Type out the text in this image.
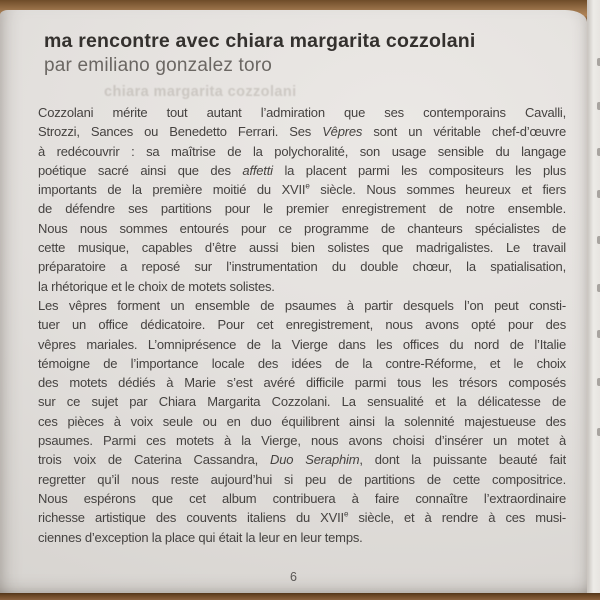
ma rencontre avec chiara margarita cozzolani
par emiliano gonzalez toro
chiara margarita cozzolani
Cozzolani mérite tout autant l’admiration que ses contemporains Cavalli,
Strozzi, Sances ou Benedetto Ferrari. Ses Vêpres sont un véritable chef-d’œuvre
à redécouvrir : sa maîtrise de la polychoralité, son usage sensible du langage
poétique sacré ainsi que des affetti la placent parmi les compositeurs les plus
importants de la première moitié du XVIIe siècle. Nous sommes heureux et fiers
de défendre ses partitions pour le premier enregistrement de notre ensemble.
Nous nous sommes entourés pour ce programme de chanteurs spécialistes de
cette musique, capables d’être aussi bien solistes que madrigalistes. Le travail
préparatoire a reposé sur l’instrumentation du double chœur, la spatialisation,
la rhétorique et le choix de motets solistes.
Les vêpres forment un ensemble de psaumes à partir desquels l’on peut consti-
tuer un office dédicatoire. Pour cet enregistrement, nous avons opté pour des
vêpres mariales. L’omniprésence de la Vierge dans les offices du nord de l’Italie
témoigne de l’importance locale des idées de la contre-Réforme, et le choix
des motets dédiés à Marie s’est avéré difficile parmi tous les trésors composés
sur ce sujet par Chiara Margarita Cozzolani. La sensualité et la délicatesse de
ces pièces à voix seule ou en duo équilibrent ainsi la solennité majestueuse des
psaumes. Parmi ces motets à la Vierge, nous avons choisi d’insérer un motet à
trois voix de Caterina Cassandra, Duo Seraphim, dont la puissante beauté fait
regretter qu’il nous reste aujourd’hui si peu de partitions de cette compositrice.
Nous espérons que cet album contribuera à faire connaître l’extraordinaire
richesse artistique des couvents italiens du XVIIe siècle, et à rendre à ces musi-
ciennes d’exception la place qui était la leur en leur temps.
6
